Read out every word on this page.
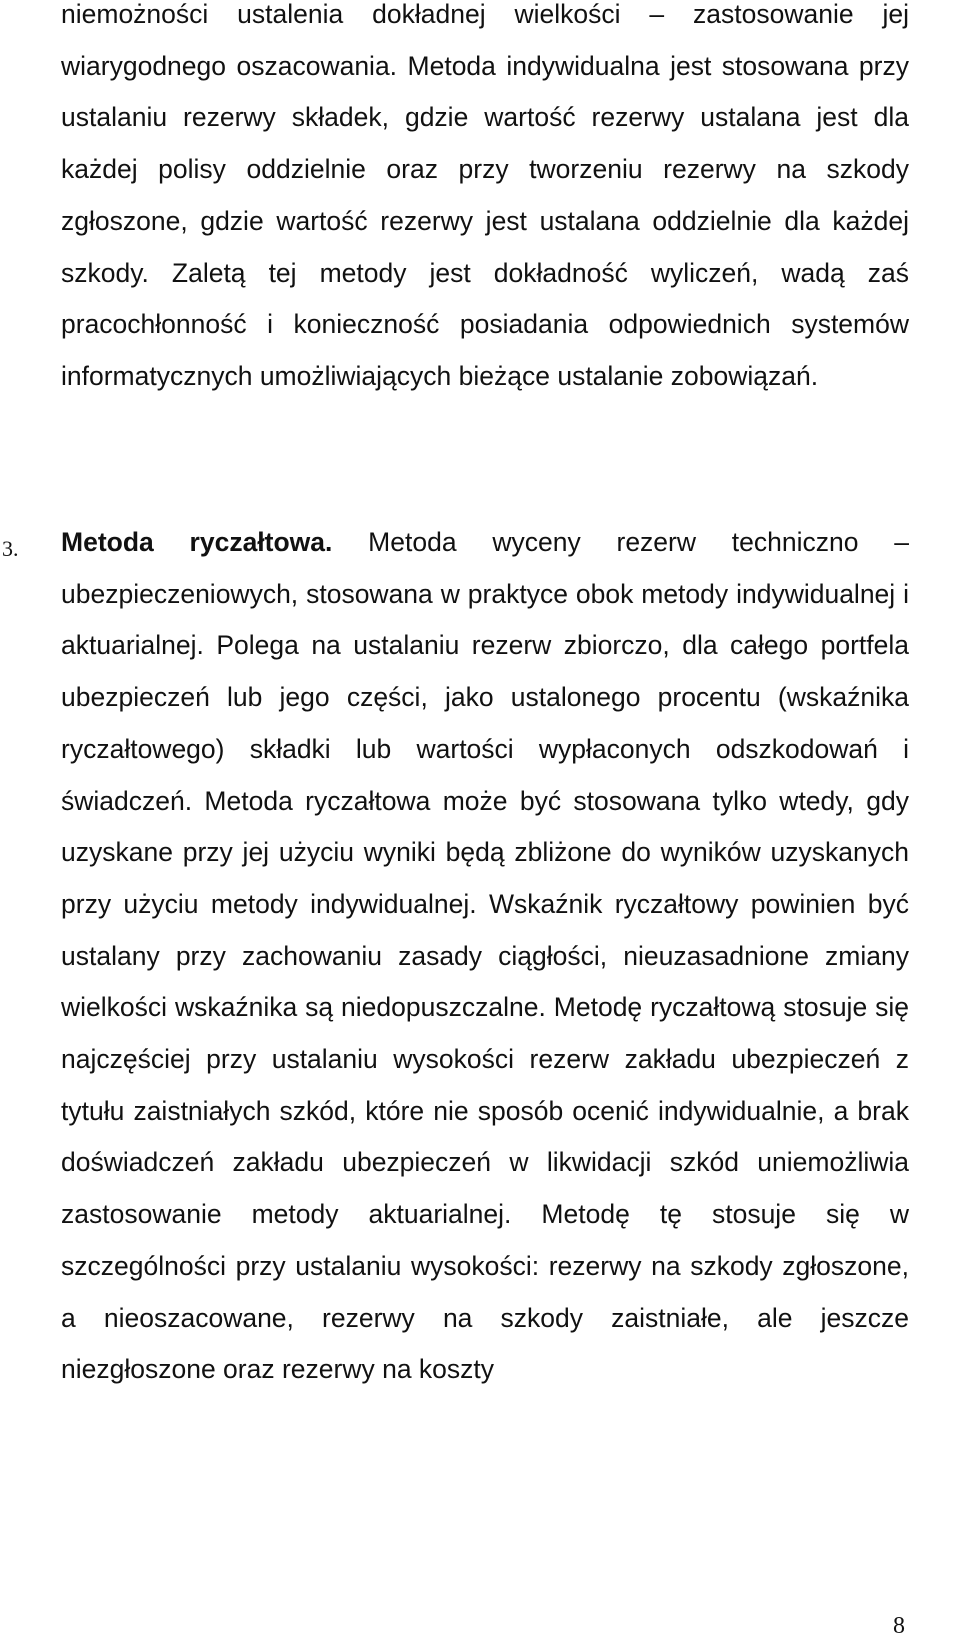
niemożności ustalenia dokładnej wielkości – zastosowanie jej wiarygodnego oszacowania. Metoda indywidualna jest stosowana przy ustalaniu rezerwy składek, gdzie wartość rezerwy ustalana jest dla każdej polisy oddzielnie oraz przy tworzeniu rezerwy na szkody zgłoszone, gdzie wartość rezerwy jest ustalana oddzielnie dla każdej szkody. Zaletą tej metody jest dokładność wyliczeń, wadą zaś pracochłonność i konieczność posiadania odpowiednich systemów informatycznych umożliwiających bieżące ustalanie zobowiązań.

3. Metoda ryczałtowa. Metoda wyceny rezerw techniczno – ubezpieczeniowych, stosowana w praktyce obok metody indywidualnej i aktuarialnej. Polega na ustalaniu rezerw zbiorczo, dla całego portfela ubezpieczeń lub jego części, jako ustalonego procentu (wskaźnika ryczałtowego) składki lub wartości wypłaconych odszkodowań i świadczeń. Metoda ryczałtowa może być stosowana tylko wtedy, gdy uzyskane przy jej użyciu wyniki będą zbliżone do wyników uzyskanych przy użyciu metody indywidualnej. Wskaźnik ryczałtowy powinien być ustalany przy zachowaniu zasady ciągłości, nieuzasadnione zmiany wielkości wskaźnika są niedopuszczalne. Metodę ryczałtową stosuje się najczęściej przy ustalaniu wysokości rezerw zakładu ubezpieczeń z tytułu zaistniałych szkód, które nie sposób ocenić indywidualnie, a brak doświadczeń zakładu ubezpieczeń w likwidacji szkód uniemożliwia zastosowanie metody aktuarialnej. Metodę tę stosuje się w szczególności przy ustalaniu wysokości: rezerwy na szkody zgłoszone, a nieoszacowane, rezerwy na szkody zaistniałe, ale jeszcze niezgłoszone oraz rezerwy na koszty

8
